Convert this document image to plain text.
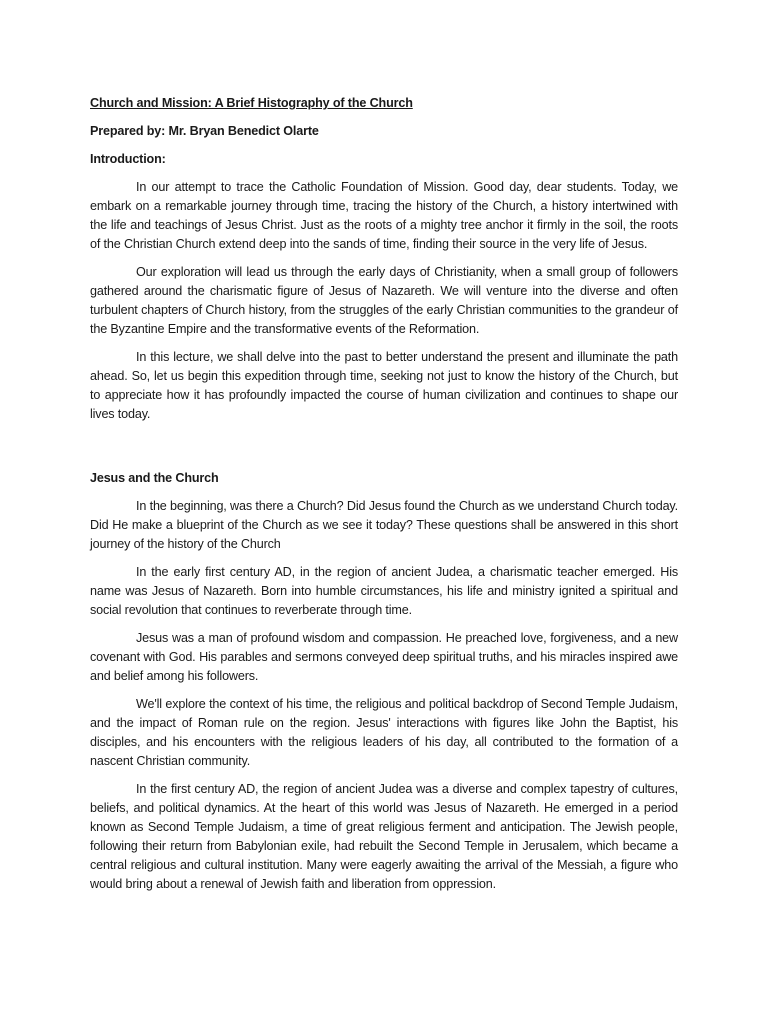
Church and Mission: A Brief Histography of the Church
Prepared by: Mr. Bryan Benedict Olarte
Introduction:

In our attempt to trace the Catholic Foundation of Mission. Good day, dear students. Today, we embark on a remarkable journey through time, tracing the history of the Church, a history intertwined with the life and teachings of Jesus Christ. Just as the roots of a mighty tree anchor it firmly in the soil, the roots of the Christian Church extend deep into the sands of time, finding their source in the very life of Jesus.

Our exploration will lead us through the early days of Christianity, when a small group of followers gathered around the charismatic figure of Jesus of Nazareth. We will venture into the diverse and often turbulent chapters of Church history, from the struggles of the early Christian communities to the grandeur of the Byzantine Empire and the transformative events of the Reformation.

In this lecture, we shall delve into the past to better understand the present and illuminate the path ahead. So, let us begin this expedition through time, seeking not just to know the history of the Church, but to appreciate how it has profoundly impacted the course of human civilization and continues to shape our lives today.

Jesus and the Church

In the beginning, was there a Church? Did Jesus found the Church as we understand Church today. Did He make a blueprint of the Church as we see it today? These questions shall be answered in this short journey of the history of the Church

In the early first century AD, in the region of ancient Judea, a charismatic teacher emerged. His name was Jesus of Nazareth. Born into humble circumstances, his life and ministry ignited a spiritual and social revolution that continues to reverberate through time.

Jesus was a man of profound wisdom and compassion. He preached love, forgiveness, and a new covenant with God. His parables and sermons conveyed deep spiritual truths, and his miracles inspired awe and belief among his followers.

We'll explore the context of his time, the religious and political backdrop of Second Temple Judaism, and the impact of Roman rule on the region. Jesus' interactions with figures like John the Baptist, his disciples, and his encounters with the religious leaders of his day, all contributed to the formation of a nascent Christian community.

In the first century AD, the region of ancient Judea was a diverse and complex tapestry of cultures, beliefs, and political dynamics. At the heart of this world was Jesus of Nazareth. He emerged in a period known as Second Temple Judaism, a time of great religious ferment and anticipation. The Jewish people, following their return from Babylonian exile, had rebuilt the Second Temple in Jerusalem, which became a central religious and cultural institution. Many were eagerly awaiting the arrival of the Messiah, a figure who would bring about a renewal of Jewish faith and liberation from oppression.
